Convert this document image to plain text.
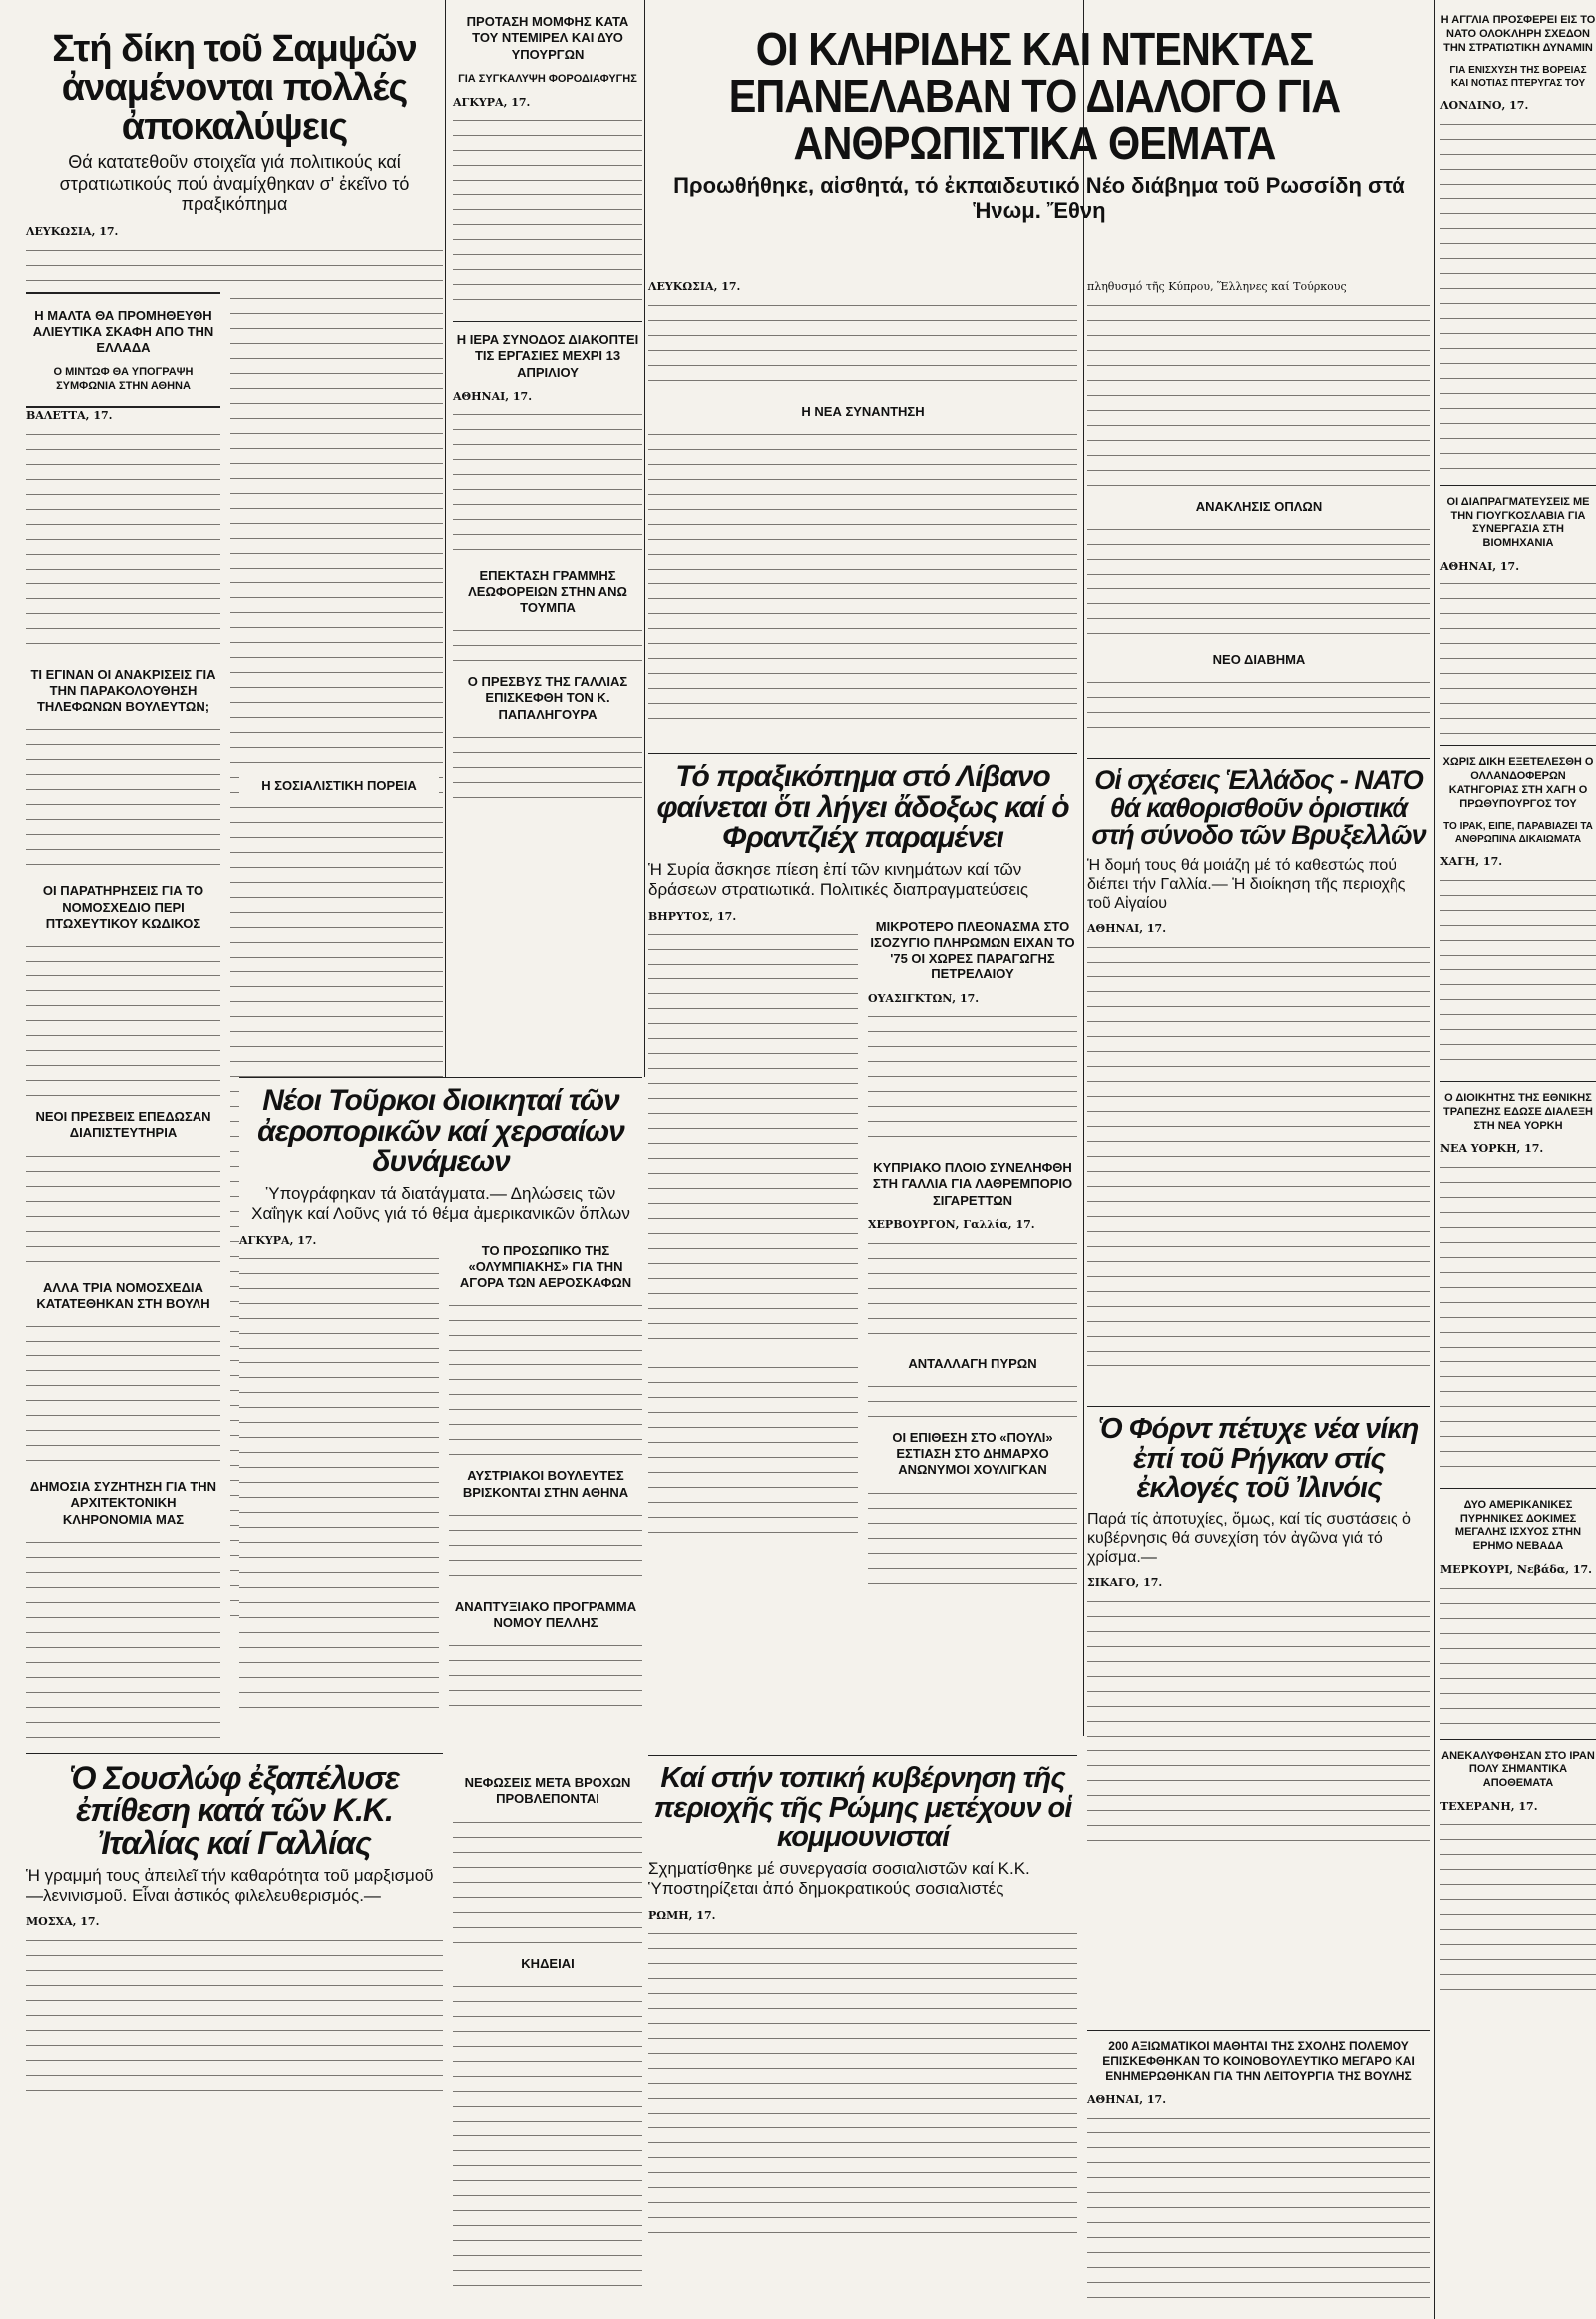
Στή δίκη τοῦ Σαμψῶν ἀναμένονται πολλές ἀποκαλύψεις

Θά κατατεθοῦν στοιχεῖα γιά πολιτικούς καί στρατιωτικούς πού ἀναμίχθηκαν σ' ἐκεῖνο τό πραξικόπημα

ΛΕΥΚΩΣΙΑ, 17.
Η ΜΑΛΤΑ ΘΑ ΠΡΟΜΗΘΕΥΘΗ ΑΛΙΕΥΤΙΚΑ ΣΚΑΦΗ ΑΠΟ ΤΗΝ ΕΛΛΑΔΑ
Ο ΜΙΝΤΩΦ ΘΑ ΥΠΟΓΡΑΨΗ ΣΥΜΦΩΝΙΑ ΣΤΗΝ ΑΘΗΝΑ
ΒΑΛΕΤΤΑ, 17.
ΤΙ ΕΓΙΝΑΝ ΟΙ ΑΝΑΚΡΙΣΕΙΣ ΓΙΑ ΤΗΝ ΠΑΡΑΚΟΛΟΥΘΗΣΗ ΤΗΛΕΦΩΝΩΝ ΒΟΥΛΕΥΤΩΝ;
ΟΙ ΠΑΡΑΤΗΡΗΣΕΙΣ ΓΙΑ ΤΟ ΝΟΜΟΣΧΕΔΙΟ ΠΕΡΙ ΠΤΩΧΕΥΤΙΚΟΥ ΚΩΔΙΚΟΣ
ΝΕΟΙ ΠΡΕΣΒΕΙΣ ΕΠΕΔΩΣΑΝ ΔΙΑΠΙΣΤΕΥΤΗΡΙΑ
ΑΛΛΑ ΤΡΙΑ ΝΟΜΟΣΧΕΔΙΑ ΚΑΤΑΤΕΘΗΚΑΝ ΣΤΗ ΒΟΥΛΗ
ΔΗΜΟΣΙΑ ΣΥΖΗΤΗΣΗ ΓΙΑ ΤΗΝ ΑΡΧΙΤΕΚΤΟΝΙΚΗ ΚΛΗΡΟΝΟΜΙΑ ΜΑΣ
Ὁ Σουσλώφ ἐξαπέλυσε ἐπίθεση κατά τῶν Κ.Κ. Ἰταλίας καί Γαλλίας

Ἡ γραμμή τους ἀπειλεῖ τήν καθαρότητα τοῦ μαρξισμοῦ—λενινισμοῦ. Εἶναι ἀστικός φιλελευθερισμός.—

ΜΟΣΧΑ, 17.
ΠΡΟΤΑΣΗ ΜΟΜΦΗΣ ΚΑΤΑ ΤΟΥ ΝΤΕΜΙΡΕΛ ΚΑΙ ΔΥΟ ΥΠΟΥΡΓΩΝ
ΓΙΑ ΣΥΓΚΑΛΥΨΗ ΦΟΡΟΔΙΑΦΥΓΗΣ
ΑΓΚΥΡΑ, 17.
Η ΙΕΡΑ ΣΥΝΟΔΟΣ ΔΙΑΚΟΠΤΕΙ ΤΙΣ ΕΡΓΑΣΙΕΣ ΜΕΧΡΙ 13 ΑΠΡΙΛΙΟΥ
ΑΘΗΝΑΙ, 17.
ΕΠΕΚΤΑΣΗ ΓΡΑΜΜΗΣ ΛΕΩΦΟΡΕΙΩΝ ΣΤΗΝ ΑΝΩ ΤΟΥΜΠΑ
Ο ΠΡΕΣΒΥΣ ΤΗΣ ΓΑΛΛΙΑΣ ΕΠΙΣΚΕΦΘΗ ΤΟΝ Κ. ΠΑΠΑΛΗΓΟΥΡΑ
Η ΣΟΣΙΑΛΙΣΤΙΚΗ ΠΟΡΕΙΑ
Νέοι Τοῦρκοι διοικηταί τῶν ἀεροπορικῶν καί χερσαίων δυνάμεων

Ὑπογράφηκαν τά διατάγματα.— Δηλώσεις τῶν Χαΐηγκ καί Λοῦνς γιά τό θέμα ἀμερικανικῶν ὅπλων

ΑΓΚΥΡΑ, 17.
ΤΟ ΠΡΟΣΩΠΙΚΟ ΤΗΣ «ΟΛΥΜΠΙΑΚΗΣ» ΓΙΑ ΤΗΝ ΑΓΟΡΑ ΤΩΝ ΑΕΡΟΣΚΑΦΩΝ
ΑΥΣΤΡΙΑΚΟΙ ΒΟΥΛΕΥΤΕΣ ΒΡΙΣΚΟΝΤΑΙ ΣΤΗΝ ΑΘΗΝΑ
ΑΝΑΠΤΥΞΙΑΚΟ ΠΡΟΓΡΑΜΜΑ ΝΟΜΟΥ ΠΕΛΛΗΣ
ΝΕΦΩΣΕΙΣ ΜΕΤΑ ΒΡΟΧΩΝ ΠΡΟΒΛΕΠΟΝΤΑΙ
ΚΗΔΕΙΑΙ
ΟΙ ΚΛΗΡΙΔΗΣ ΚΑΙ ΝΤΕΝΚΤΑΣ ΕΠΑΝΕΛΑΒΑΝ ΤΟ ΔΙΑΛΟΓΟ ΓΙΑ ΑΝΘΡΩΠΙΣΤΙΚΑ ΘΕΜΑΤΑ

Προωθήθηκε, αἰσθητά, τό ἐκπαιδευτικό Νέο διάβημα τοῦ Ρωσσίδη στά Ἡνωμ. Ἔθνη

ΛΕΥΚΩΣΙΑ, 17.
Η ΝΕΑ ΣΥΝΑΝΤΗΣΗ
πληθυσμό τῆς Κύπρου, Ἕλληνες καί Τούρκους
ΑΝΑΚΛΗΣΙΣ ΟΠΛΩΝ
ΝΕΟ ΔΙΑΒΗΜΑ
Τό πραξικόπημα στό Λίβανο φαίνεται ὅτι λήγει ἄδοξως καί ὁ Φραντζιέχ παραμένει

Ἡ Συρία ἄσκησε πίεση ἐπί τῶν κινημάτων καί τῶν δράσεων στρατιωτικά. Πολιτικές διαπραγματεύσεις

ΒΗΡΥΤΟΣ, 17.
ΜΙΚΡΟΤΕΡΟ ΠΛΕΟΝΑΣΜΑ ΣΤΟ ΙΣΟΖΥΓΙΟ ΠΛΗΡΩΜΩΝ ΕΙΧΑΝ ΤΟ '75 ΟΙ ΧΩΡΕΣ ΠΑΡΑΓΩΓΗΣ ΠΕΤΡΕΛΑΙΟΥ
ΟΥΑΣΙΓΚΤΩΝ, 17.
ΚΥΠΡΙΑΚΟ ΠΛΟΙΟ ΣΥΝΕΛΗΦΘΗ ΣΤΗ ΓΑΛΛΙΑ ΓΙΑ ΛΑΘΡΕΜΠΟΡΙΟ ΣΙΓΑΡΕΤΤΩΝ
ΧΕΡΒΟΥΡΓΟΝ, Γαλλία, 17.
ΑΝΤΑΛΛΑΓΗ ΠΥΡΩΝ
ΟΙ ΕΠΙΘΕΣΗ ΣΤΟ «ΠΟΥΛΙ» ΕΣΤΙΑΣΗ ΣΤΟ ΔΗΜΑΡΧΟ ΑΝΩΝΥΜΟΙ ΧΟΥΛΙΓΚΑΝ
Καί στήν τοπική κυβέρνηση τῆς περιοχῆς τῆς Ρώμης μετέχουν οἱ κομμουνισταί

Σχηματίσθηκε μέ συνεργασία σοσιαλιστῶν καί Κ.Κ. Ὑποστηρίζεται ἀπό δημοκρατικούς σοσιαλιστές

ΡΩΜΗ, 17.
Οἱ σχέσεις Ἑλλάδος - ΝΑΤΟ θά καθορισθοῦν ὁριστικά στή σύνοδο τῶν Βρυξελλῶν

Ἡ δομή τους θά μοιάζη μέ τό καθεστώς πού διέπει τήν Γαλλία.— Ἡ διοίκηση τῆς περιοχῆς τοῦ Αἰγαίου

ΑΘΗΝΑΙ, 17.
Ὁ Φόρντ πέτυχε νέα νίκη ἐπί τοῦ Ρήγκαν στίς ἐκλογές τοῦ Ἰλινόις

Παρά τίς ἀποτυχίες, ὅμως, καί τίς συστάσεις ὁ κυβέρνησις θά συνεχίση τόν ἀγῶνα γιά τό χρίσμα.—

ΣΙΚΑΓΟ, 17.
200 ΑΞΙΩΜΑΤΙΚΟΙ ΜΑΘΗΤΑΙ ΤΗΣ ΣΧΟΛΗΣ ΠΟΛΕΜΟΥ ΕΠΙΣΚΕΦΘΗΚΑΝ ΤΟ ΚΟΙΝΟΒΟΥΛΕΥΤΙΚΟ ΜΕΓΑΡΟ ΚΑΙ ΕΝΗΜΕΡΩΘΗΚΑΝ ΓΙΑ ΤΗΝ ΛΕΙΤΟΥΡΓΙΑ ΤΗΣ ΒΟΥΛΗΣ
ΑΘΗΝΑΙ, 17.
Η ΑΓΓΛΙΑ ΠΡΟΣΦΕΡΕΙ ΕΙΣ ΤΟ ΝΑΤΟ ΟΛΟΚΛΗΡΗ ΣΧΕΔΟΝ ΤΗΝ ΣΤΡΑΤΙΩΤΙΚΗ ΔΥΝΑΜΙΝ
ΓΙΑ ΕΝΙΣΧΥΣΗ ΤΗΣ ΒΟΡΕΙΑΣ ΚΑΙ ΝΟΤΙΑΣ ΠΤΕΡΥΓΑΣ ΤΟΥ
ΛΟΝΔΙΝΟ, 17.
ΟΙ ΔΙΑΠΡΑΓΜΑΤΕΥΣΕΙΣ ΜΕ ΤΗΝ ΓΙΟΥΓΚΟΣΛΑΒΙΑ ΓΙΑ ΣΥΝΕΡΓΑΣΙΑ ΣΤΗ ΒΙΟΜΗΧΑΝΙΑ
ΑΘΗΝΑΙ, 17.
ΧΩΡΙΣ ΔΙΚΗ ΕΞΕΤΕΛΕΣΘΗ Ο ΟΛΛΑΝΔΟΦΕΡΩΝ ΚΑΤΗΓΟΡΙΑΣ ΣΤΗ ΧΑΓΗ Ο ΠΡΩΘΥΠΟΥΡΓΟΣ ΤΟΥ
ΤΟ ΙΡΑΚ, ΕΙΠΕ, ΠΑΡΑΒΙΑΖΕΙ ΤΑ ΑΝΘΡΩΠΙΝΑ ΔΙΚΑΙΩΜΑΤΑ
ΧΑΓΗ, 17.
Ο ΔΙΟΙΚΗΤΗΣ ΤΗΣ ΕΘΝΙΚΗΣ ΤΡΑΠΕΖΗΣ ΕΔΩΣΕ ΔΙΑΛΕΞΗ ΣΤΗ ΝΕΑ ΥΟΡΚΗ
ΝΕΑ ΥΟΡΚΗ, 17.
ΔΥΟ ΑΜΕΡΙΚΑΝΙΚΕΣ ΠΥΡΗΝΙΚΕΣ ΔΟΚΙΜΕΣ ΜΕΓΑΛΗΣ ΙΣΧΥΟΣ ΣΤΗΝ ΕΡΗΜΟ ΝΕΒΑΔΑ
ΜΕΡΚΟΥΡΙ, Νεβάδα, 17.
ΑΝΕΚΑΛΥΦΘΗΣΑΝ ΣΤΟ ΙΡΑΝ ΠΟΛΥ ΣΗΜΑΝΤΙΚΑ ΑΠΟΘΕΜΑΤΑ
ΤΕΧΕΡΑΝΗ, 17.
